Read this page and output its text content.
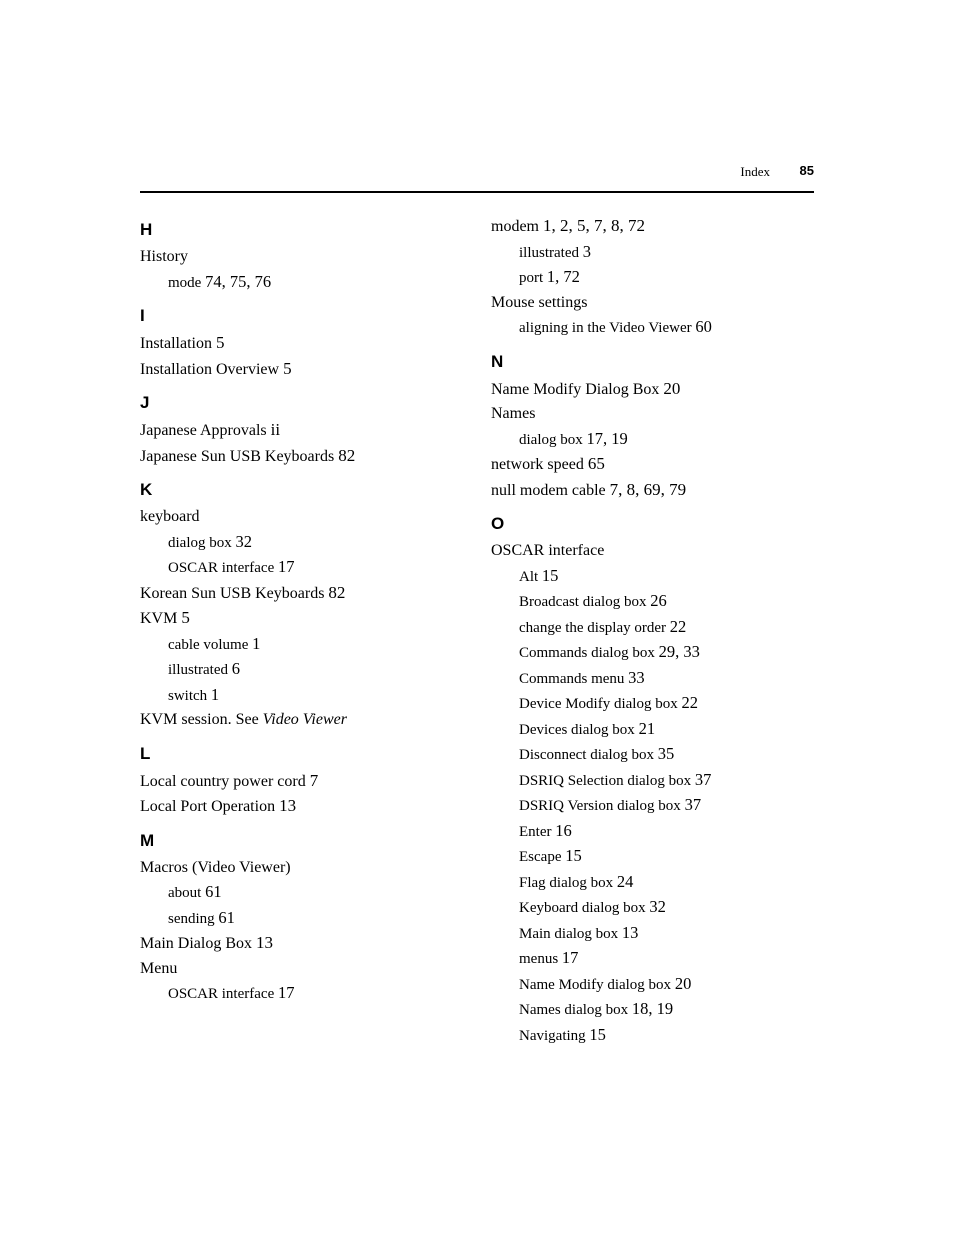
Index 85
H
History
mode 74, 75, 76
I
Installation 5
Installation Overview 5
J
Japanese Approvals ii
Japanese Sun USB Keyboards 82
K
keyboard
dialog box 32
OSCAR interface 17
Korean Sun USB Keyboards 82
KVM 5
cable volume 1
illustrated 6
switch 1
KVM session. See Video Viewer
L
Local country power cord 7
Local Port Operation 13
M
Macros (Video Viewer)
about 61
sending 61
Main Dialog Box 13
Menu
OSCAR interface 17
modem 1, 2, 5, 7, 8, 72
illustrated 3
port 1, 72
Mouse settings
aligning in the Video Viewer 60
N
Name Modify Dialog Box 20
Names
dialog box 17, 19
network speed 65
null modem cable 7, 8, 69, 79
O
OSCAR interface
Alt 15
Broadcast dialog box 26
change the display order 22
Commands dialog box 29, 33
Commands menu 33
Device Modify dialog box 22
Devices dialog box 21
Disconnect dialog box 35
DSRIQ Selection dialog box 37
DSRIQ Version dialog box 37
Enter 16
Escape 15
Flag dialog box 24
Keyboard dialog box 32
Main dialog box 13
menus 17
Name Modify dialog box 20
Names dialog box 18, 19
Navigating 15
